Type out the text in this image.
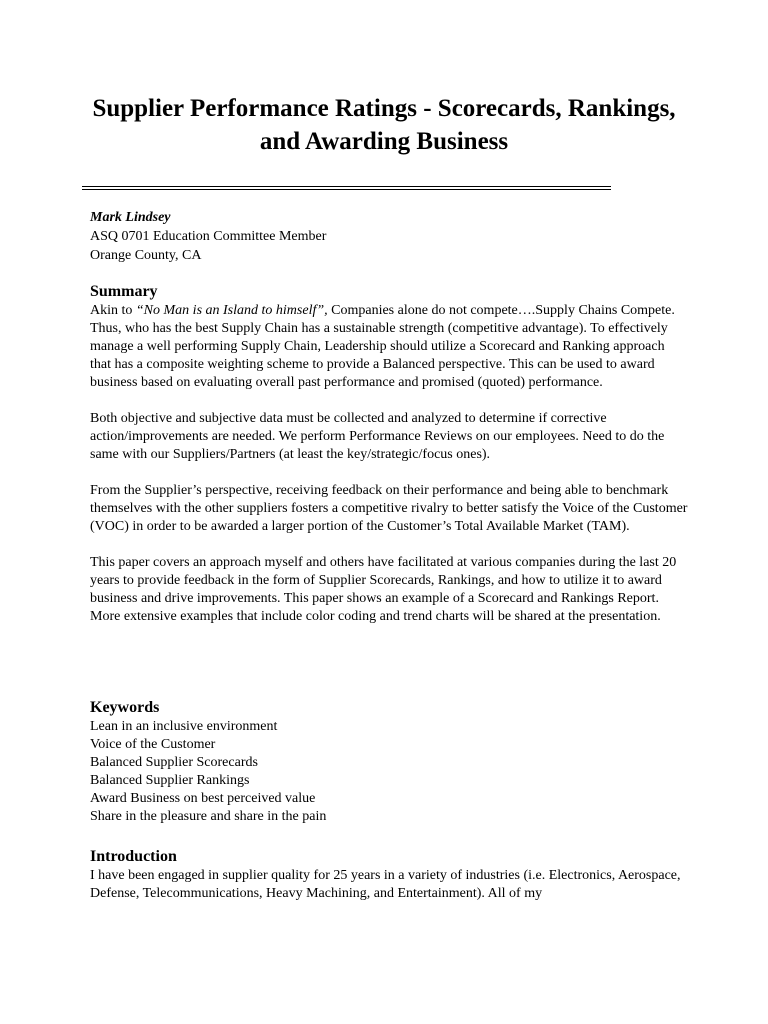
Supplier Performance Ratings - Scorecards, Rankings,
and Awarding Business
Mark Lindsey
ASQ 0701 Education Committee Member
Orange County, CA
Summary

Akin to “No Man is an Island to himself”, Companies alone do not compete….Supply Chains Compete. Thus, who has the best Supply Chain has a sustainable strength (competitive advantage). To effectively manage a well performing Supply Chain, Leadership should utilize a Scorecard and Ranking approach that has a composite weighting scheme to provide a Balanced perspective. This can be used to award business based on evaluating overall past performance and promised (quoted) performance.

Both objective and subjective data must be collected and analyzed to determine if corrective action/improvements are needed. We perform Performance Reviews on our employees. Need to do the same with our Suppliers/Partners (at least the key/strategic/focus ones).

From the Supplier’s perspective, receiving feedback on their performance and being able to benchmark themselves with the other suppliers fosters a competitive rivalry to better satisfy the Voice of the Customer (VOC) in order to be awarded a larger portion of the Customer’s Total Available Market (TAM).

This paper covers an approach myself and others have facilitated at various companies during the last 20 years to provide feedback in the form of Supplier Scorecards, Rankings, and how to utilize it to award business and drive improvements. This paper shows an example of a Scorecard and Rankings Report. More extensive examples that include color coding and trend charts will be shared at the presentation.

Keywords
Lean in an inclusive environment
Voice of the Customer
Balanced Supplier Scorecards
Balanced Supplier Rankings
Award Business on best perceived value
Share in the pleasure and share in the pain
Introduction

I have been engaged in supplier quality for 25 years in a variety of industries (i.e. Electronics, Aerospace, Defense, Telecommunications, Heavy Machining, and Entertainment). All of my
